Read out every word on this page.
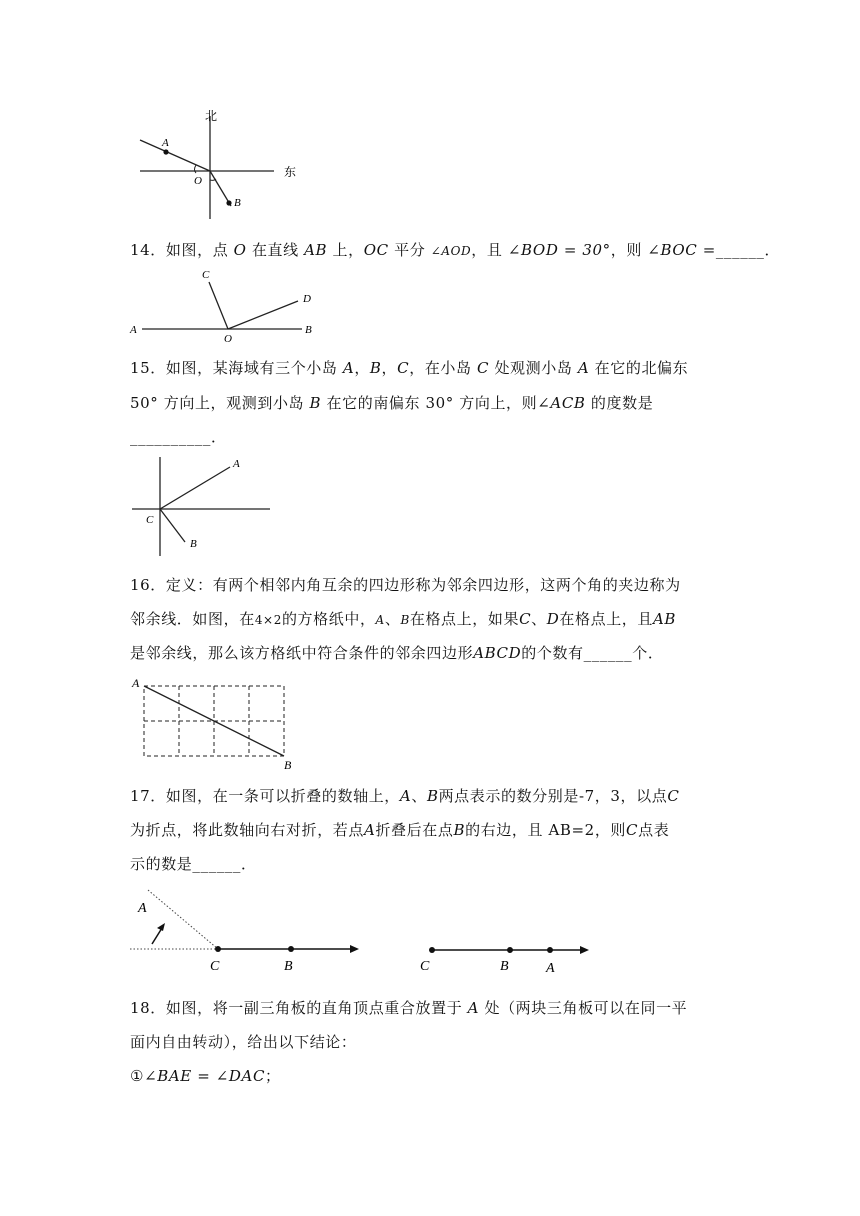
北
东
A
O
B
14．如图，点 O 在直线 AB 上，OC 平分 ∠AOD，且 ∠BOD = 30°，则 ∠BOC =______．
C
D
A
O
B
15．如图，某海域有三个小岛 A，B，C，在小岛 C 处观测小岛 A 在它的北偏东
50° 方向上，观测到小岛 B 在它的南偏东 30° 方向上，则∠ACB 的度数是
__________．
A
C
B
16．定义：有两个相邻内角互余的四边形称为邻余四边形，这两个角的夹边称为
邻余线．如图，在4×2的方格纸中，A、B在格点上，如果C、D在格点上，且AB
是邻余线，那么该方格纸中符合条件的邻余四边形ABCD的个数有______个．
A
B
17．如图，在一条可以折叠的数轴上，A、B两点表示的数分别是-7，3，以点C
为折点，将此数轴向右对折，若点A折叠后在点B的右边，且 AB=2，则C点表
示的数是______．
A
C	B	C	B	A
18．如图，将一副三角板的直角顶点重合放置于 A 处（两块三角板可以在同一平
面内自由转动），给出以下结论：
①∠BAE = ∠DAC；
